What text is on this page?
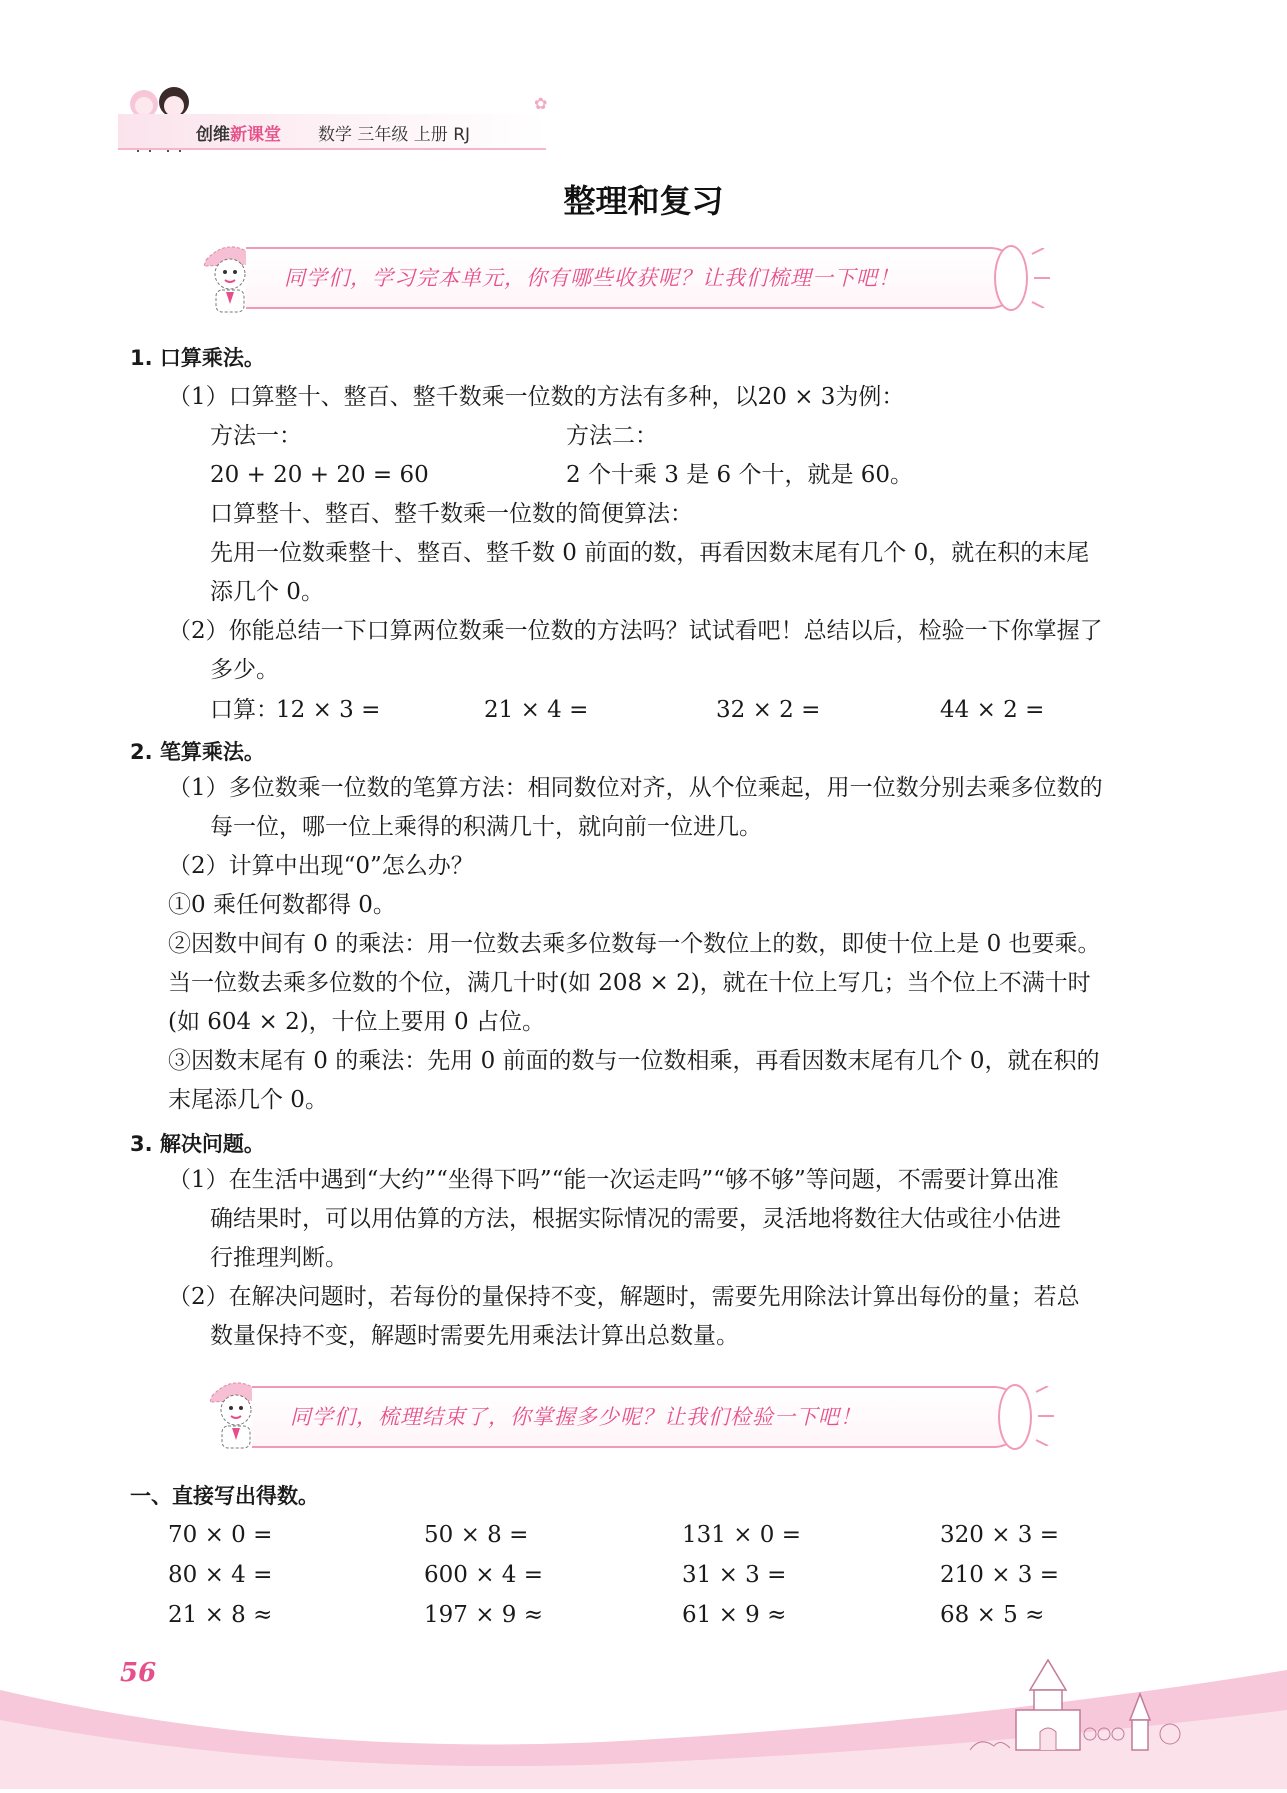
创维新课堂 数学 三年级 上册 RJ
✿
整理和复习
同学们，学习完本单元，你有哪些收获呢？让我们梳理一下吧！
1. 口算乘法。
（1）口算整十、整百、整千数乘一位数的方法有多种，以20 × 3为例：
方法一：	方法二：
20 + 20 + 20 = 60	2 个十乘 3 是 6 个十，就是 60。
口算整十、整百、整千数乘一位数的简便算法：
先用一位数乘整十、整百、整千数 0 前面的数，再看因数末尾有几个 0，就在积的末尾
添几个 0。
（2）你能总结一下口算两位数乘一位数的方法吗？试试看吧！总结以后，检验一下你掌握了
多少。
口算：
12 × 3 =	21 × 4 =	32 × 2 =	44 × 2 =
2. 笔算乘法。
（1）多位数乘一位数的笔算方法：相同数位对齐，从个位乘起，用一位数分别去乘多位数的
每一位，哪一位上乘得的积满几十，就向前一位进几。
（2）计算中出现“0”怎么办？
①0 乘任何数都得 0。
②因数中间有 0 的乘法：用一位数去乘多位数每一个数位上的数，即使十位上是 0 也要乘。
当一位数去乘多位数的个位，满几十时(如 208 × 2)，就在十位上写几；当个位上不满十时
(如 604 × 2)，十位上要用 0 占位。
③因数末尾有 0 的乘法：先用 0 前面的数与一位数相乘，再看因数末尾有几个 0，就在积的
末尾添几个 0。
3. 解决问题。
（1）在生活中遇到“大约”“坐得下吗”“能一次运走吗”“够不够”等问题，不需要计算出准
确结果时，可以用估算的方法，根据实际情况的需要，灵活地将数往大估或往小估进
行推理判断。
（2）在解决问题时，若每份的量保持不变，解题时，需要先用除法计算出每份的量；若总
数量保持不变，解题时需要先用乘法计算出总数量。
同学们，梳理结束了，你掌握多少呢？让我们检验一下吧！
一、直接写出得数。
70 × 0 =	50 × 8 =	131 × 0 =	320 × 3 =
80 × 4 =	600 × 4 =	31 × 3 =	210 × 3 =
21 × 8 ≈	197 × 9 ≈	61 × 9 ≈	68 × 5 ≈
56
